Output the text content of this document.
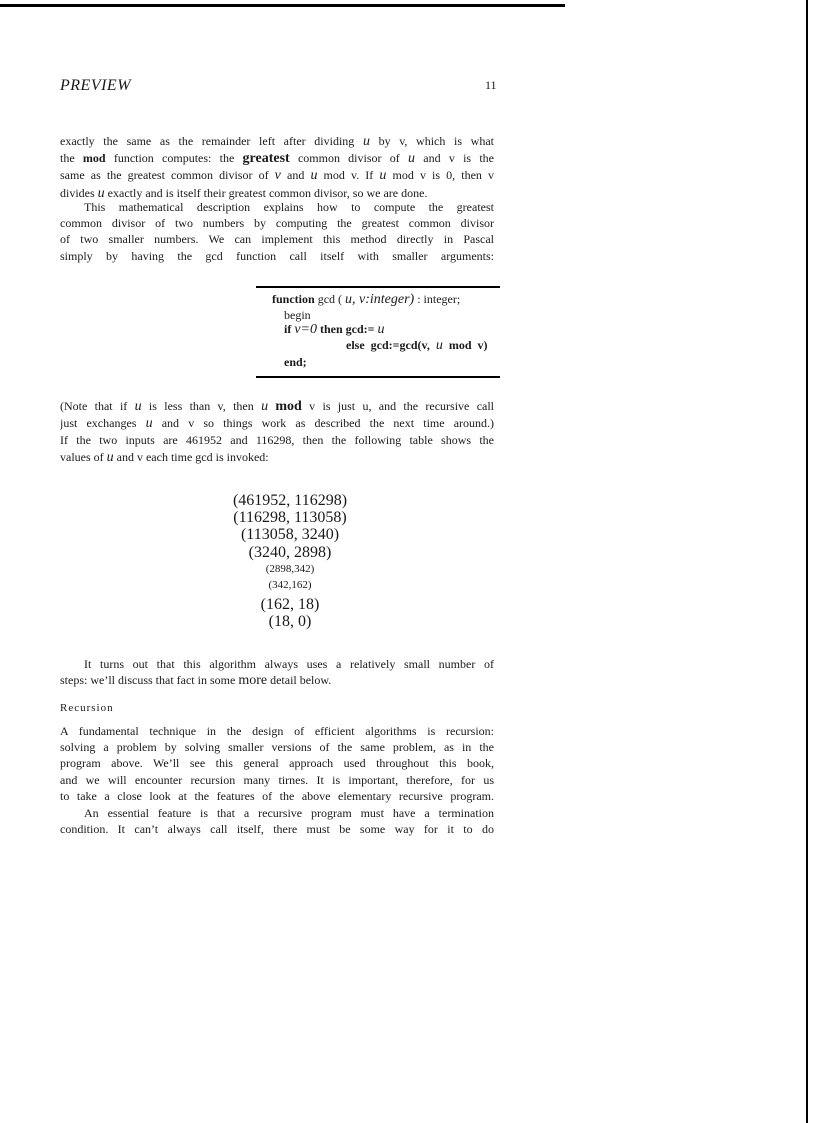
PREVIEW	11
exactly the same as the remainder left after dividing u by v, which is what
the mod function computes: the greatest common divisor of u and v is the
same as the greatest common divisor of v and u mod v. If u mod v is 0, then v
divides u exactly and is itself their greatest common divisor, so we are done.
This mathematical description explains how to compute the greatest
common divisor of two numbers by computing the greatest common divisor
of two smaller numbers. We can implement this method directly in Pascal
simply by having the gcd function call itself with smaller arguments:
function gcd ( u, v:integer) : integer;
begin
if v=0 then gcd:= u
else gcd:=gcd(v, u mod v)
end;
(Note that if u is less than v, then u mod v is just u, and the recursive call
just exchanges u and v so things work as described the next time around.)
If the two inputs are 461952 and 116298, then the following table shows the
values of u and v each time gcd is invoked:
(461952, 116298)
(116298, 113058)
(113058, 3240)
(3240, 2898)
(2898,342)
(342,162)
(162, 18)
(18, 0)
It turns out that this algorithm always uses a relatively small number of
steps: we’ll discuss that fact in some more detail below.
Recursion
A fundamental technique in the design of efficient algorithms is recursion:
solving a problem by solving smaller versions of the same problem, as in the
program above. We’ll see this general approach used throughout this book,
and we will encounter recursion many tirnes. It is important, therefore, for us
to take a close look at the features of the above elementary recursive program.
An essential feature is that a recursive program must have a termination
condition. It can’t always call itself, there must be some way for it to do
